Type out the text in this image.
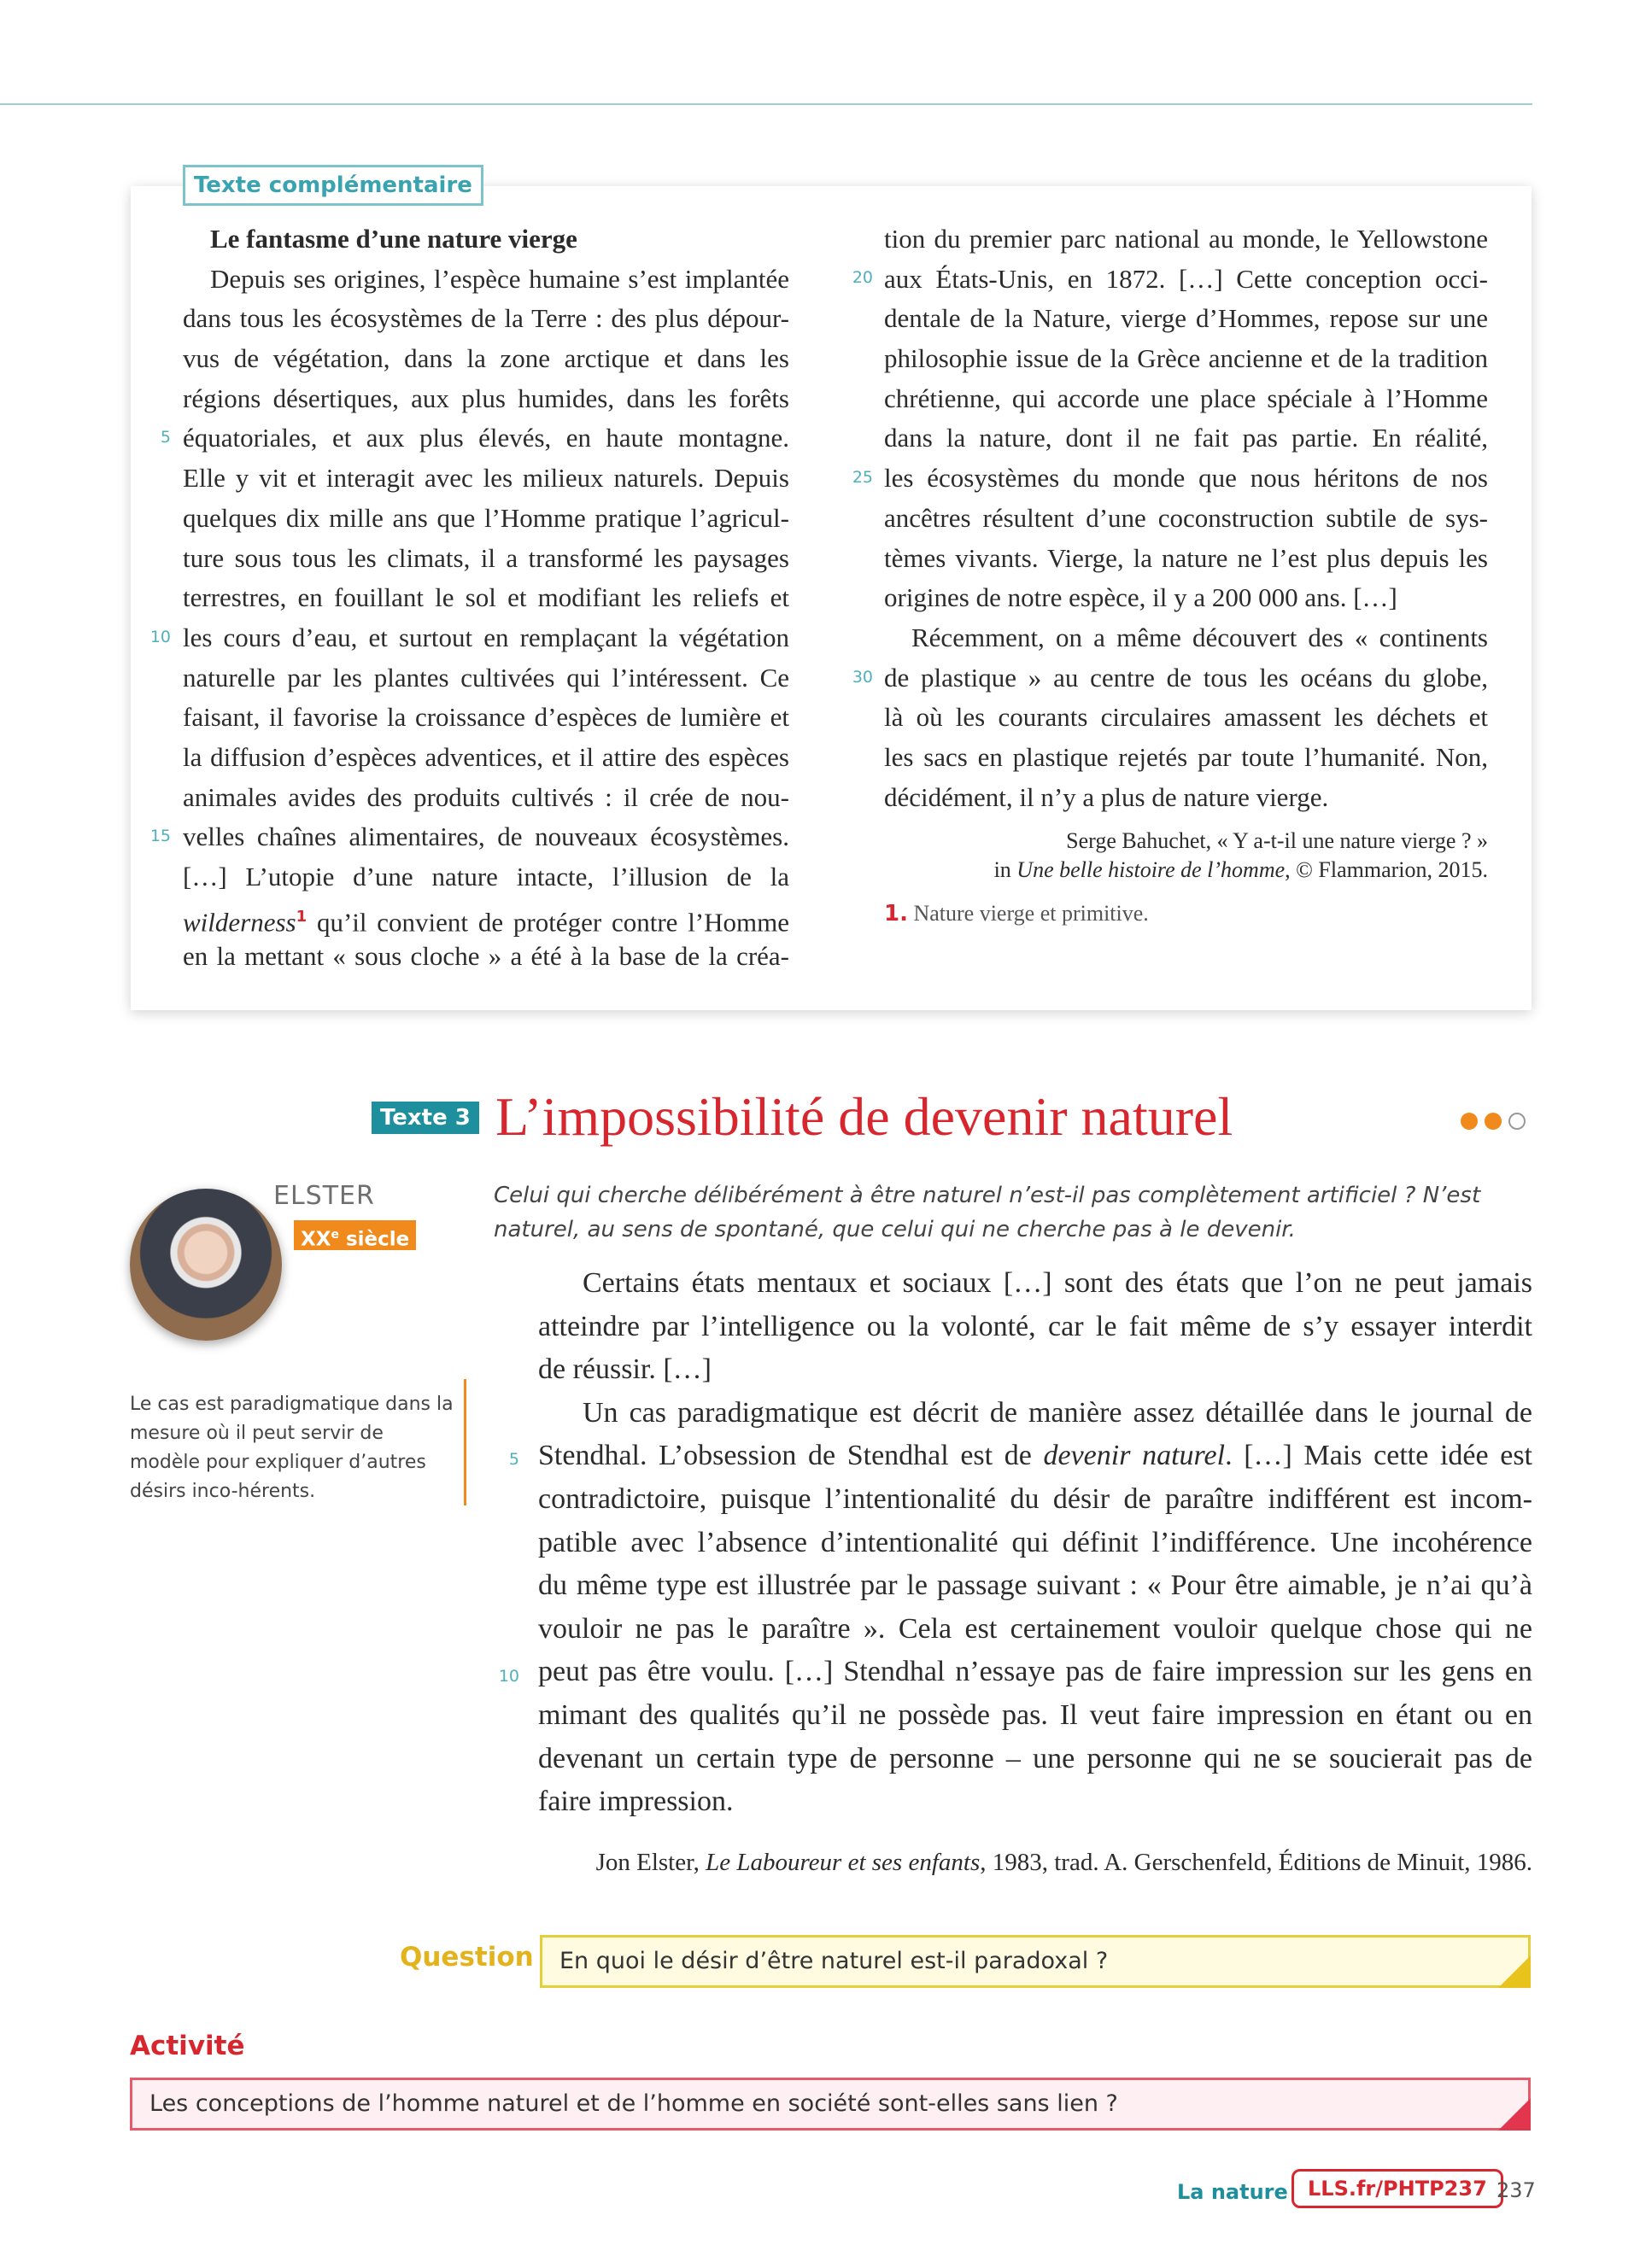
Texte complémentaire
Le fantasme d’une nature vierge
Depuis ses origines, l’espèce humaine s’est implantée
dans tous les écosystèmes de la Terre : des plus dépour-
vus de végétation, dans la zone arctique et dans les
régions désertiques, aux plus humides, dans les forêts
équatoriales, et aux plus élevés, en haute montagne.
Elle y vit et interagit avec les milieux naturels. Depuis
quelques dix mille ans que l’Homme pratique l’agricul-
ture sous tous les climats, il a transformé les paysages
terrestres, en fouillant le sol et modifiant les reliefs et
les cours d’eau, et surtout en remplaçant la végétation
naturelle par les plantes cultivées qui l’intéressent. Ce
faisant, il favorise la croissance d’espèces de lumière et
la diffusion d’espèces adventices, et il attire des espèces
animales avides des produits cultivés : il crée de nou-
velles chaînes alimentaires, de nouveaux écosystèmes.
[…] L’utopie d’une nature intacte, l’illusion de la
wilderness$^1$ qu’il convient de protéger contre l’Homme
en la mettant « sous cloche » a été à la base de la créa-
5
10
15
tion du premier parc national au monde, le Yellowstone
aux États-Unis, en 1872. […] Cette conception occi-
dentale de la Nature, vierge d’Hommes, repose sur une
philosophie issue de la Grèce ancienne et de la tradition
chrétienne, qui accorde une place spéciale à l’Homme
dans la nature, dont il ne fait pas partie. En réalité,
les écosystèmes du monde que nous héritons de nos
ancêtres résultent d’une coconstruction subtile de sys-
tèmes vivants. Vierge, la nature ne l’est plus depuis les
origines de notre espèce, il y a 200 000 ans. […]
Récemment, on a même découvert des « continents
de plastique » au centre de tous les océans du globe,
là où les courants circulaires amassent les déchets et
les sacs en plastique rejetés par toute l’humanité. Non,
décidément, il n’y a plus de nature vierge.
20
25
30
Serge Bahuchet, « Y a-t-il une nature vierge ? »
in Une belle histoire de l’homme, © Flammarion, 2015.
1. Nature vierge et primitive.
Texte 3 L’impossibilité de devenir naturel
ELSTER
XXe siècle
Le cas est paradigmatique dans la mesure où il peut servir de modèle pour expliquer d’autres désirs inco-hérents.
Celui qui cherche délibérément à être naturel n’est-il pas complètement artificiel ? N’est naturel, au sens de spontané, que celui qui ne cherche pas à le devenir.
Certains états mentaux et sociaux […] sont des états que l’on ne peut jamais
atteindre par l’intelligence ou la volonté, car le fait même de s’y essayer interdit
de réussir. […]
Un cas paradigmatique est décrit de manière assez détaillée dans le journal de
Stendhal. L’obsession de Stendhal est de devenir naturel. […] Mais cette idée est
contradictoire, puisque l’intentionalité du désir de paraître indifférent est incom-
patible avec l’absence d’intentionalité qui définit l’indifférence. Une incohérence
du même type est illustrée par le passage suivant : « Pour être aimable, je n’ai qu’à
vouloir ne pas le paraître ». Cela est certainement vouloir quelque chose qui ne
peut pas être voulu. […] Stendhal n’essaye pas de faire impression sur les gens en
mimant des qualités qu’il ne possède pas. Il veut faire impression en étant ou en
devenant un certain type de personne – une personne qui ne se soucierait pas de
faire impression.
5
10
Jon Elster, Le Laboureur et ses enfants, 1983, trad. A. Gerschenfeld, Éditions de Minuit, 1986.
Question	En quoi le désir d’être naturel est-il paradoxal ?
Activité
Les conceptions de l’homme naturel et de l’homme en société sont-elles sans lien ?
La nature LLS.fr/PHTP237 237
